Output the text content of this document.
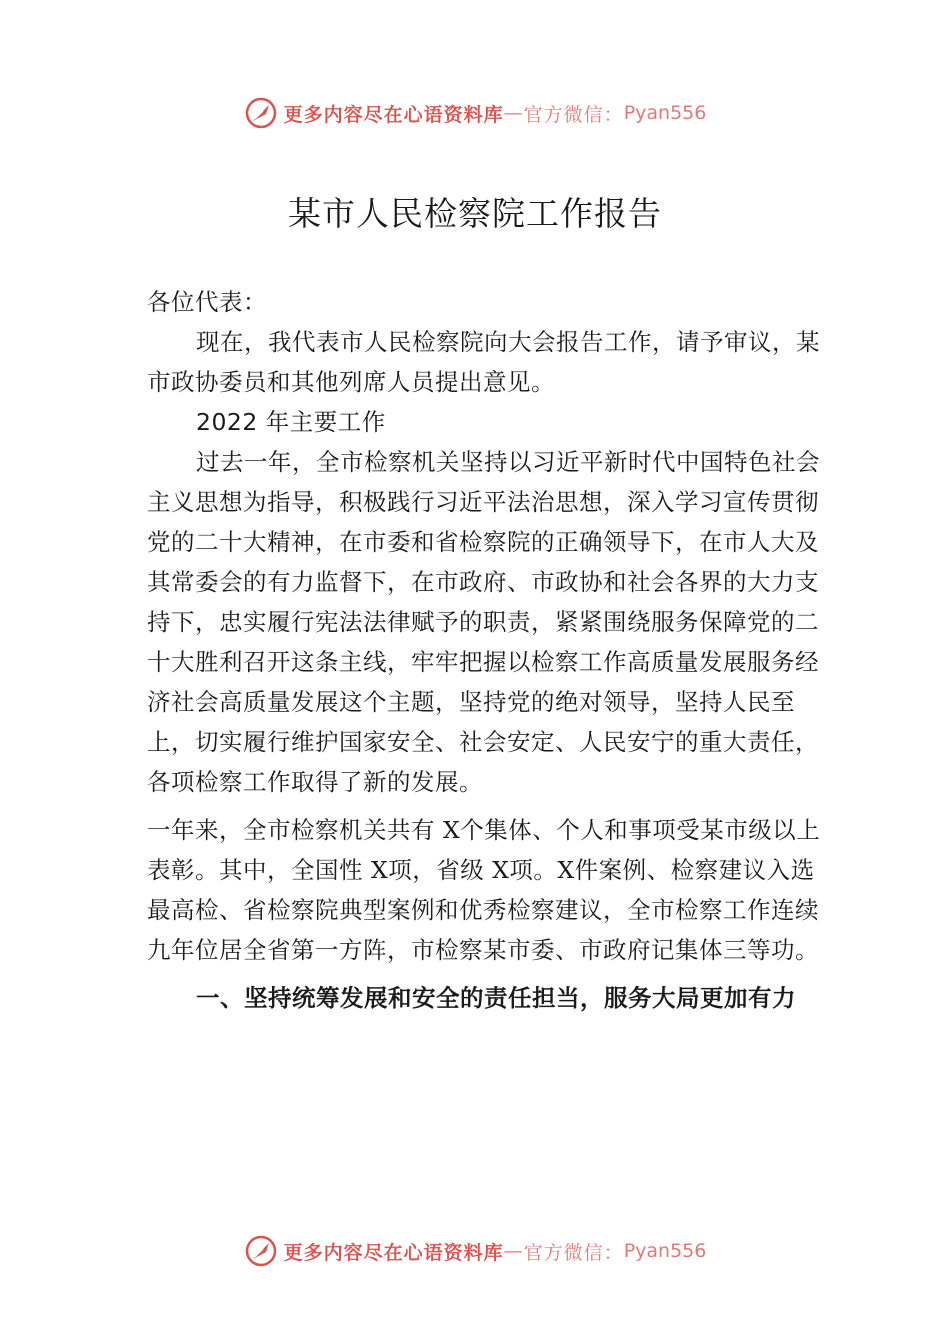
更多内容尽在心语资料库 — 官方微信 ： Pyan556
某市人民检察院工作报告

各位代表：

现在，我代表市人民检察院向大会报告工作，请予审议，某市政协委员和其他列席人员提出意见。

2022 年主要工作

过去一年，全市检察机关坚持以习近平新时代中国特色社会主义思想为指导，积极践行习近平法治思想，深入学习宣传贯彻党的二十大精神，在市委和省检察院的正确领导下，在市人大及其常委会的有力监督下，在市政府、市政协和社会各界的大力支持下，忠实履行宪法法律赋予的职责，紧紧围绕服务保障党的二十大胜利召开这条主线，牢牢把握以检察工作高质量发展服务经济社会高质量发展这个主题，坚持党的绝对领导，坚持人民至上，切实履行维护国家安全、社会安定、人民安宁的重大责任，各项检察工作取得了新的发展。

一年来，全市检察机关共有 X个集体、个人和事项受某市级以上表彰。其中，全国性 X项，省级 X项。X件案例、检察建议入选最高检、省检察院典型案例和优秀检察建议，全市检察工作连续九年位居全省第一方阵，市检察某市委、市政府记集体三等功。

一、坚持统筹发展和安全的责任担当，服务大局更加有力

更多内容尽在心语资料库 — 官方微信 ： Pyan556
